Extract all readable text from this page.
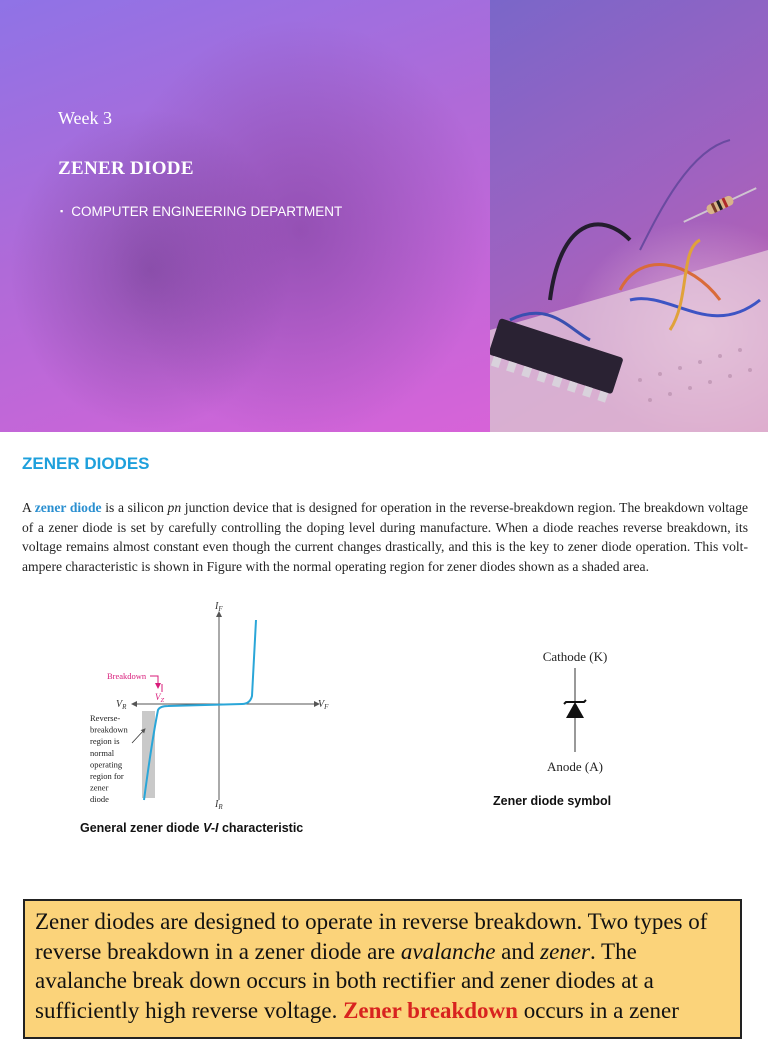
Week 3
ZENER DIODE
▪ COMPUTER ENGINEERING DEPARTMENT
ZENER DIODES

A zener diode is a silicon pn junction device that is designed for operation in the reverse-breakdown region. The breakdown voltage of a zener diode is set by carefully controlling the doping level during manufacture. When a diode reaches reverse breakdown, its voltage remains almost constant even though the current changes drastically, and this is the key to zener diode operation. This volt-ampere characteristic is shown in Figure with the normal operating region for zener diodes shown as a shaded area.

$I_F$
$I_R$
$V_F$
$V_R$
$V_Z$
Breakdown
Reverse-
breakdown
region is
normal
operating
region for
zener
diode
General zener diode V-I characteristic
Cathode (K)
Anode (A)
Zener diode symbol
Zener diodes are designed to operate in reverse breakdown. Two types of reverse breakdown in a zener diode are avalanche and zener. The avalanche break down occurs in both rectifier and zener diodes at a sufficiently high reverse voltage. Zener breakdown occurs in a zener
